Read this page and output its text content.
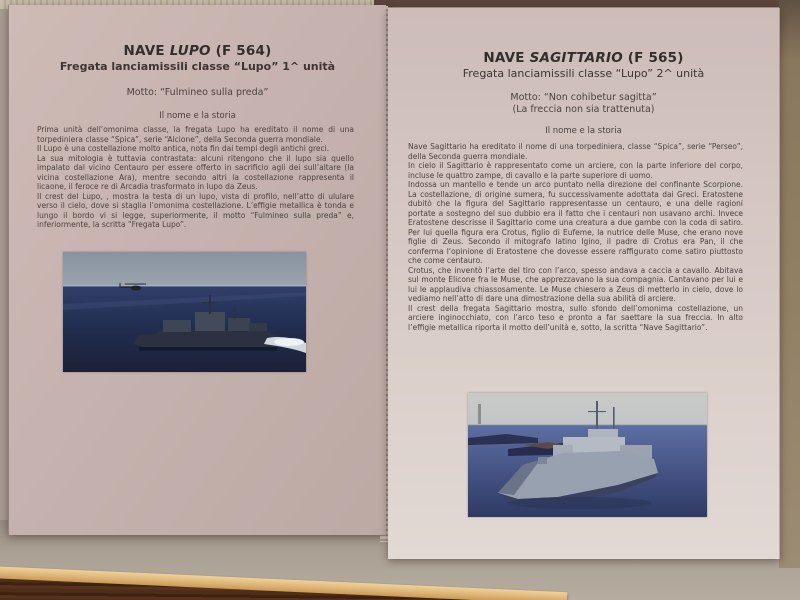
NAVE LUPO (F 564)
Fregata lanciamissili classe “Lupo” 1^ unità
Motto: “Fulmineo sulla preda”
Il nome e la storia

Prima unità dell’omonima classe, la fregata Lupo ha ereditato il nome di una torpediniera classe “Spica”, serie “Alcione”, della Seconda guerra mondiale.

Il Lupo è una costellazione molto antica, nota fin dai tempi degli antichi greci.

La sua mitologia è tuttavia contrastata: alcuni ritengono che il lupo sia quello impalato dal vicino Centauro per essere offerto in sacrificio agli dei sull’altare (la vicina costellazione Ara), mentre secondo altri la costellazione rappresenta il licaone, il feroce re di Arcadia trasformato in lupo da Zeus.

Il crest del Lupo, , mostra la testa di un lupo, vista di profilo, nell’atto di ululare verso il cielo, dove si staglia l’omonima costellazione. L’effigie metallica è tonda e lungo il bordo vi si legge, superiormente, il motto “Fulmineo sulla preda” e, inferiormente, la scritta “Fregata Lupo”.

NAVE SAGITTARIO (F 565)
Fregata lanciamissili classe “Lupo” 2^ unità
Motto: “Non cohibetur sagitta”
(La freccia non sia trattenuta)
Il nome e la storia

Nave Sagittario ha ereditato il nome di una torpediniera, classe “Spica”, serie “Perseo”, della Seconda guerra mondiale.

In cielo il Sagittario è rappresentato come un arciere, con la parte inferiore del corpo, incluse le quattro zampe, di cavallo e la parte superiore di uomo.

Indossa un mantello e tende un arco puntato nella direzione del confinante Scorpione. La costellazione, di origine sumera, fu successivamente adottata dai Greci. Eratostene dubitò che la figura del Sagittario rappresentasse un centauro, e una delle ragioni portate a sostegno del suo dubbio era il fatto che i centauri non usavano archi. Invece Eratostene descrisse il Sagittario come una creatura a due gambe con la coda di satiro. Per lui quella figura era Crotus, figlio di Eufeme, la nutrice delle Muse, che erano nove figlie di Zeus. Secondo il mitografo latino Igino, il padre di Crotus era Pan, il che conferma l’opinione di Eratostene che dovesse essere raffigurato come satiro piuttosto che come centauro.

Crotus, che inventò l’arte del tiro con l’arco, spesso andava a caccia a cavallo. Abitava sul monte Elicone fra le Muse, che apprezzavano la sua compagnia. Cantavano per lui e lui le applaudiva chiassosamente. Le Muse chiesero a Zeus di metterlo in cielo, dove lo vediamo nell’atto di dare una dimostrazione della sua abilità di arciere.

Il crest della fregata Sagittario mostra, sullo sfondo dell’omonima costellazione, un arciere inginocchiato, con l’arco teso e pronto a far saettare la sua freccia. In alto l’effigie metallica riporta il motto dell’unità e, sotto, la scritta “Nave Sagittario”.
